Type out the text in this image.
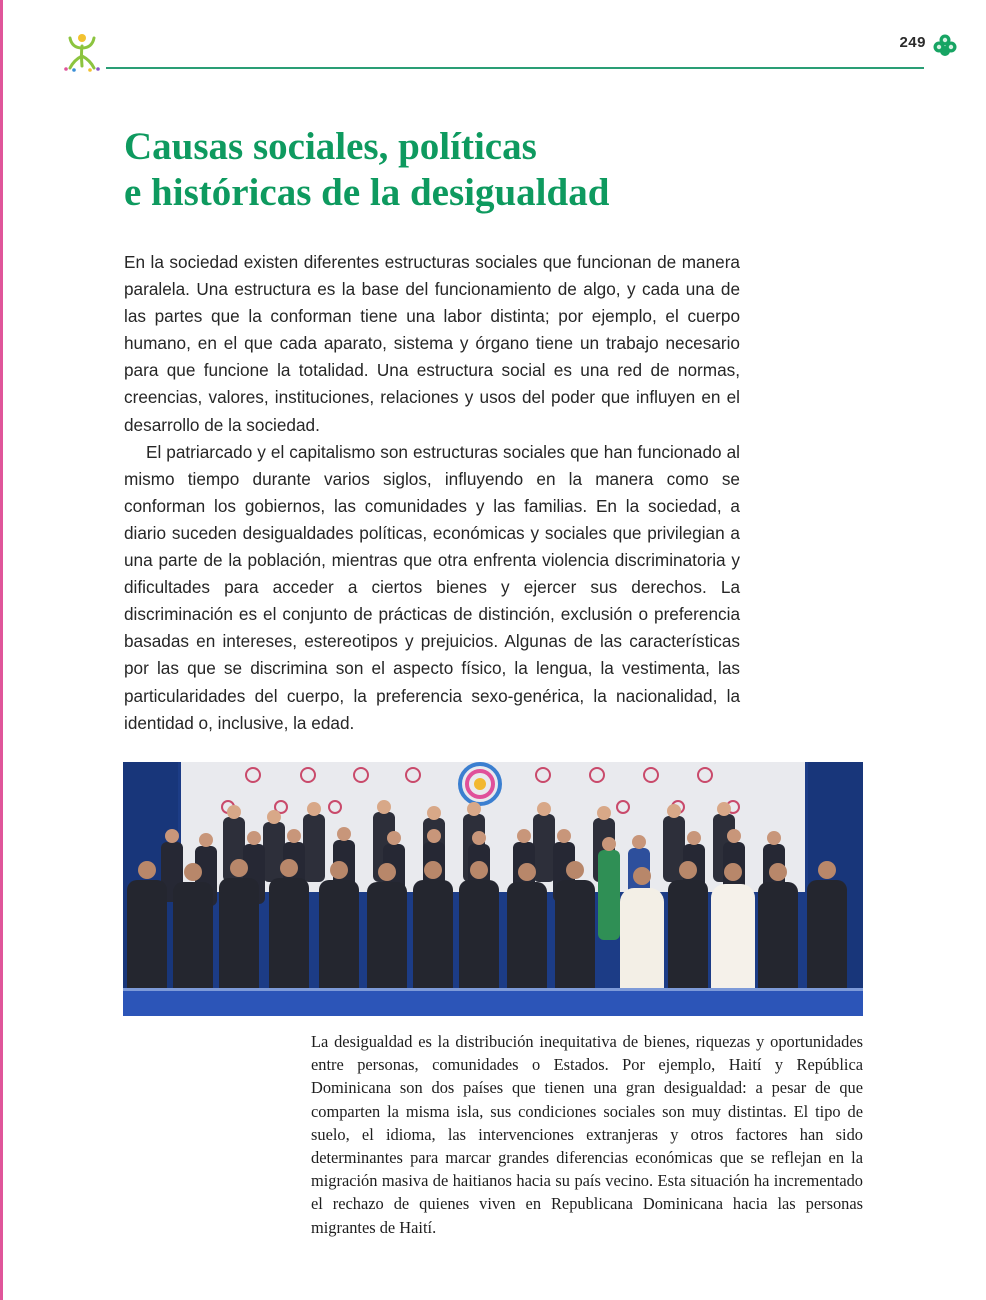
249
Causas sociales, políticas
e históricas de la desigualdad

En la sociedad existen diferentes estructuras sociales que funcionan de manera paralela. Una estructura es la base del funcionamiento de algo, y cada una de las partes que la conforman tiene una labor distinta; por ejemplo, el cuerpo humano, en el que cada aparato, sistema y órgano tiene un trabajo necesario para que funcione la totalidad. Una estructura social es una red de normas, creencias, valores, instituciones, relaciones y usos del poder que influyen en el desarrollo de la sociedad.

El patriarcado y el capitalismo son estructuras sociales que han funcionado al mismo tiempo durante varios siglos, influyendo en la manera como se conforman los gobiernos, las comunidades y las familias. En la sociedad, a diario suceden desigualdades políticas, económicas y sociales que privilegian a una parte de la población, mientras que otra enfrenta violencia discriminatoria y dificultades para acceder a ciertos bienes y ejercer sus derechos. La discriminación es el conjunto de prácticas de distinción, exclusión o preferencia basadas en intereses, estereotipos y prejuicios. Algunas de las características por las que se discrimina son el aspecto físico, la lengua, la vestimenta, las particularidades del cuerpo, la preferencia sexo-genérica, la nacionalidad, la identidad o, inclusive, la edad.

La desigualdad es la distribución inequitativa de bienes, riquezas y oportunidades entre personas, comunidades o Estados. Por ejemplo, Haití y República Dominicana son dos países que tienen una gran desigualdad: a pesar de que comparten la misma isla, sus condiciones sociales son muy distintas. El tipo de suelo, el idioma, las intervenciones extranjeras y otros factores han sido determinantes para marcar grandes diferencias económicas que se reflejan en la migración masiva de haitianos hacia su país vecino. Esta situación ha incrementado el rechazo de quienes viven en Republicana Dominicana hacia las personas migrantes de Haití.
